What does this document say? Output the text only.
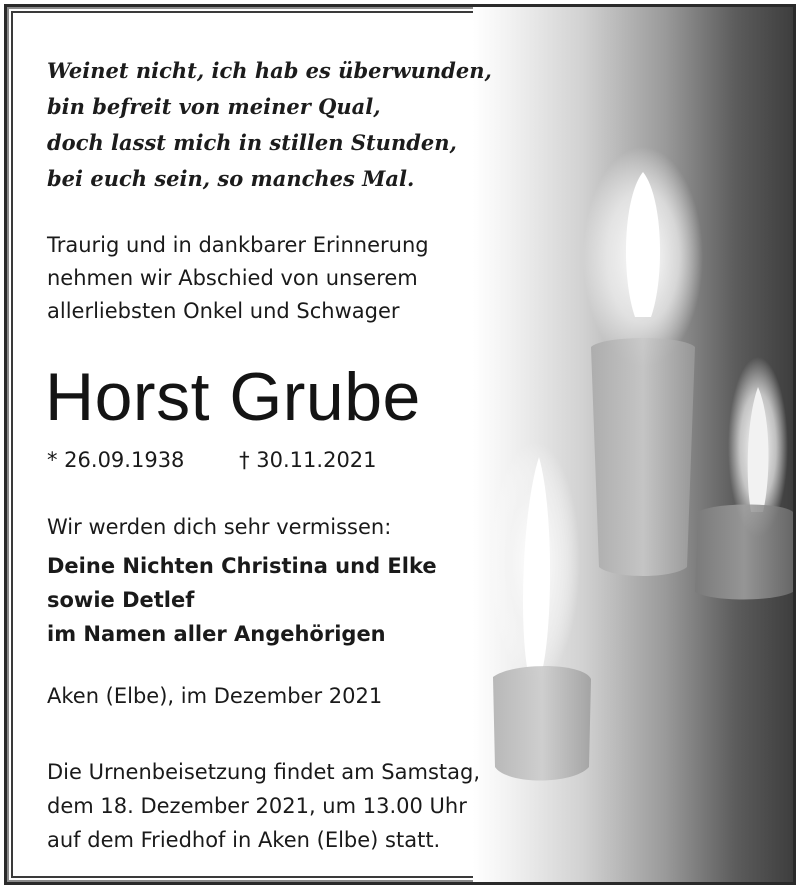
Weinet nicht, ich hab es überwunden,
bin befreit von meiner Qual,
doch lasst mich in stillen Stunden,
bei euch sein, so manches Mal.
Traurig und in dankbarer Erinnerung
nehmen wir Abschied von unserem
allerliebsten Onkel und Schwager
Horst Grube
* 26.09.1938	† 30.11.2021
Wir werden dich sehr vermissen:
Deine Nichten Christina und Elke
sowie Detlef
im Namen aller Angehörigen
Aken (Elbe), im Dezember 2021
Die Urnenbeisetzung findet am Samstag,
dem 18. Dezember 2021, um 13.00 Uhr
auf dem Friedhof in Aken (Elbe) statt.
